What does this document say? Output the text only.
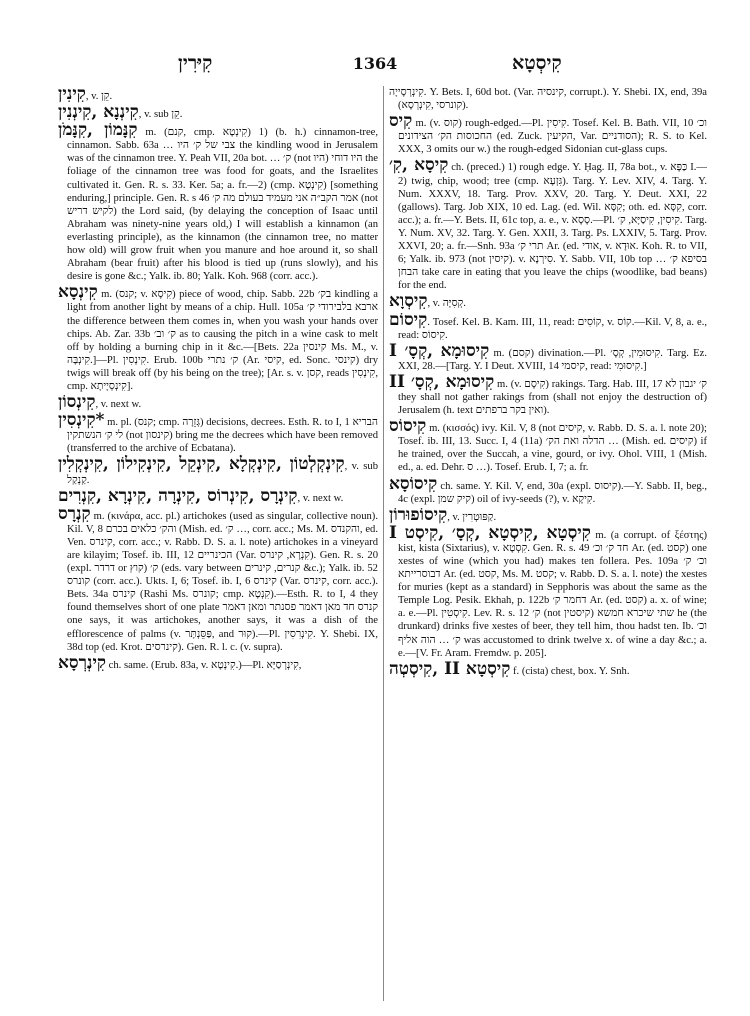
קִיּרִין	1364	קִיסְטָא

קִינִין, v. קֵן.

קִינְנָא ,קִינְנִין, v. sub קֵן.

קִנָּמוֹן ,קִנָּמֹן m. (קנם, cmp. קִינְטָא) 1) (b. h.) cinnamon-tree, cinnamon. Sabb. 63a … צבי של ק׳ היו the kindling wood in Jerusalem was of the cinnamon tree. Y. Peah VII, 20a bot. … ק׳ (not היו) היו דוחי the foliage of the cinnamon tree was food for goats, and the Israelites cultivated it. Gen. R. s. 33. Ker. 5a; a. fr.—2) (cmp. קִינְטָא) [something enduring,] principle. Gen. R. s 46 אמר הקב״ה אני מעמיד בעולם מה ק׳ (not לקיש דריש) the Lord said, (by delaying the conception of Isaac until Abraham was ninety-nine years old,) I will establish a kinnamon (an everlasting principle), as the kinnamon (the cinnamon tree, no matter how old) will grow fruit when you manure and hoe around it, so shall Abraham (bear fruit) after his blood is tied up (runs slowly), and his desire is gone &c.; Yalk. ib. 80; Yalk. Koh. 968 (corr. acc.).

קִינְסָא m. (קנס; v. קִיסָא) piece of wood, chip. Sabb. 22b בק׳ kindling a light from another light by means of a chip. Hull. 105a ארבא בלבירודי ק׳ the difference between them comes in, when you wash your hands over chips. Ab. Zar. 33b ק׳ וב׳ as to causing the pitch in a wine cask to melt off by holding a burning chip in it &c.—[Bets. 22a קינסין Ms. M., v. קִינְבָּה.]—Pl. קִינְסִין. Erub. 100b ק׳ נתרי (Ar. קיסי, ed. Sonc. קינסי) dry twigs will break off (by his being on the tree); [Ar. s. v. קסן, reads קִינְסִין, cmp. קִינְסְיָיתָא].

קִינְסוֹן, v. next w.

*קִינְסִין m. pl. (קנס; cmp. גְּזֵרָה) decisions, decrees. Esth. R. to I, 1 הבריא לי ק׳ הנשתקין (not קינסון) bring me the decrees which have been removed (transferred to the archive of Ecbatana).

קִינְקְלְטוֹן ,קִינְקְלָא ,קִינְקֵל ,קִינְקִילוֹן ,קִינְקְלִין, v. sub קַנְקַל.

קִינְרָס ,קִינְרוֹס ,קִינְרָה ,קִינְרָא ,קִנְרִים, v. next w.

קִנְרָס m. (κινάρα, acc. pl.) artichokes (used as singular, collective noun). Kil. V, 8 והק׳ כלאים בכרם (Mish. ed. ק׳ …, corr. acc.; Ms. M. והקנדס, ed. Ven. קינרס, corr. acc.; v. Rabb. D. S. a. l. note) artichokes in a vineyard are kilayim; Tosef. ib. III, 12 הכינריים (Var. קִנְרָא, קינרס). Gen. R. s. 20 (expl. דרדר or קוץ) ק׳ (eds. vary between קנרים, קינרים &c.); Yalk. ib. 52 קונרס (corr. acc.). Ukts. I, 6; Tosef. ib. I, 6 קינרס (Var. קינרס, corr. acc.). Bets. 34a קינרס (Rashi Ms. קונרס; cmp. קִנְטָא).—Esth. R. to I, 4 they found themselves short of one plate קנרס חד מאן דאמר פסנתר ומאן דאמר one says, it was artichokes, another says, it was a dish of the efflorescence of palms (v. פַּסֵּנְתָּר, and קוּר).—Pl. קִינְרִסִין. Y. Shebi. IX, 38d top (ed. Krot. קינרסים). Gen. R. l. c. (v. supra).

קִינְרְסָא ch. same. (Erub. 83a, v. קִינְטָא.)—Pl. קִינְרְסַיָּא,

קִינְרְסָייָה. Y. Bets. I, 60d bot. (Var. קינסיה, corrupt.). Y. Shebi. IX, end, 39a (קונרסי ,קִינְרְסָא).

קִיס m. (v. קוס) rough-edged.—Pl. קִיסִין. Tosef. Kel. B. Bath. VII, 10 וכ׳ החכוסות הק׳ הצידונים (ed. Zuck. הקיעין, Var. הסודניים); R. S. to Kel. XXX, 3 omits our w.) the rough-edged Sidonian cut-glass cups.

קִיסָא ,קִ׳ ch. (preced.) 1) rough edge. Y. Ḥag. II, 78a bot., v. כַּפָּא I.—2) twig, chip, wood; tree (cmp. גִּזְעָא). Targ. Y. Lev. XIV, 4. Targ. Y. Num. XXXV, 18. Targ. Prov. XXV, 20. Targ. Y. Deut. XXI, 22 (gallows). Targ. Job XIX, 10 ed. Lag. (ed. Wil. קִסָּא; oth. ed. קִסָּא, corr. acc.); a. fr.—Y. Bets. II, 61c top, a. e., v. סָסָא.—Pl. קִיסִין, קִיסַיָּא, ק׳. Targ. Y. Num. XV, 32. Targ. Y. Gen. XXII, 3. Targ. Ps. LXXIV, 5. Targ. Prov. XXVI, 20; a. fr.—Snh. 93a תרי ק׳ Ar. (ed. אודי, v. אוּדָא. Koh. R. to VII, 6; Yalk. ib. 973 (not קיסין). v. סִירְנָא. Y. Sabb. VII, 10b top בסיפא ק׳ … הבחן take care in eating that you leave the chips (woodlike, bad beans) for the end.

קִיסְוָא, v. קְסִיָּה.

קִיסוֹם. Tosef. Kel. B. Kam. III, 11, read: קוֹסִים, v. קוֹס.—Kil. V, 8, a. e., read: קִיסוֹס.

קִיסוּמָא ,קְסָ׳ I m. (קסם) divination.—Pl. קִיסוּמִין, קְסָ׳. Targ. Ez. XXI, 28.—[Targ. Y. I Deut. XVIII, 14 קיסמי, read: קִיסוּמִי.]

קִיסוּמָא ,קְסָ׳ II m. (v. קִיסָם) rakings. Targ. Hab. III, 17 ק׳ יגבון לא they shall not gather rakings from (shall not enjoy the destruction of) Jerusalem (h. text ואין בקר ברפתים).

קִיסוֹס m. (κισσός) ivy. Kil. V, 8 (not קיסים, v. Rabb. D. S. a. l. note 20); Tosef. ib. III, 13. Succ. I, 4 (11a) הדלה ואת הק׳ … (Mish. ed. קיסים) if he trained, over the Succah, a vine, gourd, or ivy. Ohol. VIII, 1 (Mish. ed., a. ed. Dehr. ס …). Tosef. Erub. I, 7; a. fr.

קִיסוֹסָא ch. same. Y. Kil. V, end, 30a (expl. קיסוס).—Y. Sabb. II, beg., 4c (expl. קיק שמן) oil of ivy-seeds (?), v. קִיקָא.

קִיסוֹפוּרוֹן, v. קַפּוּטְרִין.

קִיסְטָא ,קִיסְטָא ,קְסָ׳ ,קִיסְט I m. (a corrupt. of ξέστης) kist, kista (Sixtarius), v. קִסְטָא. Gen. R. s. 49 חד ק׳ וכ׳ Ar. (ed. קסט) one xestes of wine (which you had) makes ten follera. Pes. 109a וכ׳ ק׳ דבוסרייתא Ar. (ed. קסט, Ms. M. קסט; v. Rabb. D. S. a. l. note) the xestes for muries (kept as a standard) in Sepphoris was about the same as the Temple Log. Pesik. Ekhah, p. 122b דחמר ק׳ Ar. (ed. קסט) a. x. of wine; a. e.—Pl. קִיסְטִין. Lev. R. s. 12 ק׳ (not קיסטין) שתי שיכרא חמשא he (the drunkard) drinks five xestes of beer, they tell him, thou hadst ten. Ib. וכ׳ ק׳ … הוה אליף was accustomed to drink twelve x. of wine a day &c.; a. e.—[V. Fr. Aram. Fremdw. p. 205].

קִיסְטָא II ,קִיסְטְה f. (cista) chest, box. Y. Snh.
